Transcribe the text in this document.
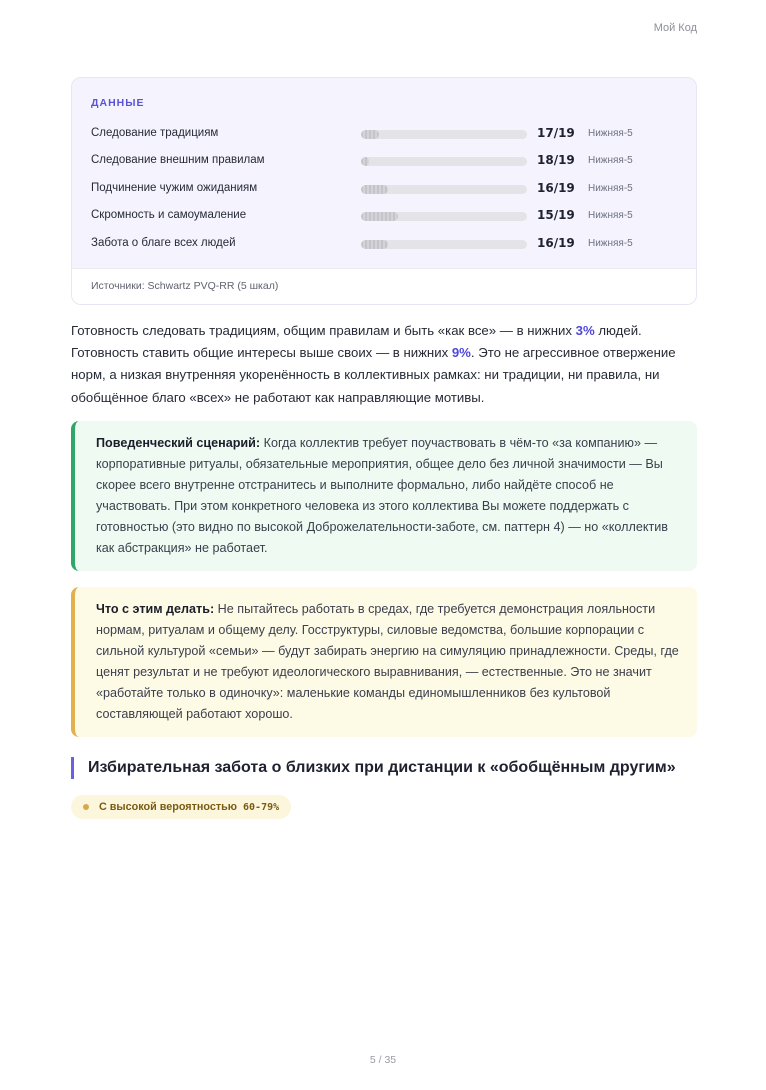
Мой Код
ДАННЫЕ
Следование традициям	17/19 Нижняя-5
Следование внешним правилам	18/19 Нижняя-5
Подчинение чужим ожиданиям	16/19 Нижняя-5
Скромность и самоумаление	15/19 Нижняя-5
Забота о благе всех людей	16/19 Нижняя-5
Источники: Schwartz PVQ-RR (5 шкал)
Готовность следовать традициям, общим правилам и быть «как все» — в нижних 3% людей. Готовность ставить общие интересы выше своих — в нижних 9%. Это не агрессивное отвержение норм, а низкая внутренняя укоренённость в коллективных рамках: ни традиции, ни правила, ни обобщённое благо «всех» не работают как направляющие мотивы.
Поведенческий сценарий: Когда коллектив требует поучаствовать в чём-то «за компанию» — корпоративные ритуалы, обязательные мероприятия, общее дело без личной значимости — Вы скорее всего внутренне отстранитесь и выполните формально, либо найдёте способ не участвовать. При этом конкретного человека из этого коллектива Вы можете поддержать с готовностью (это видно по высокой Доброжелательности-заботе, см. паттерн 4) — но «коллектив как абстракция» не работает.
Что с этим делать: Не пытайтесь работать в средах, где требуется демонстрация лояльности нормам, ритуалам и общему делу. Госструктуры, силовые ведомства, большие корпорации с сильной культурой «семьи» — будут забирать энергию на симуляцию принадлежности. Среды, где ценят результат и не требуют идеологического выравнивания, — естественные. Это не значит «работайте только в одиночку»: маленькие команды единомышленников без культовой составляющей работают хорошо.
Избирательная забота о близких при дистанции к «обобщённым другим»
С высокой вероятностью 60-79%
5 / 35
